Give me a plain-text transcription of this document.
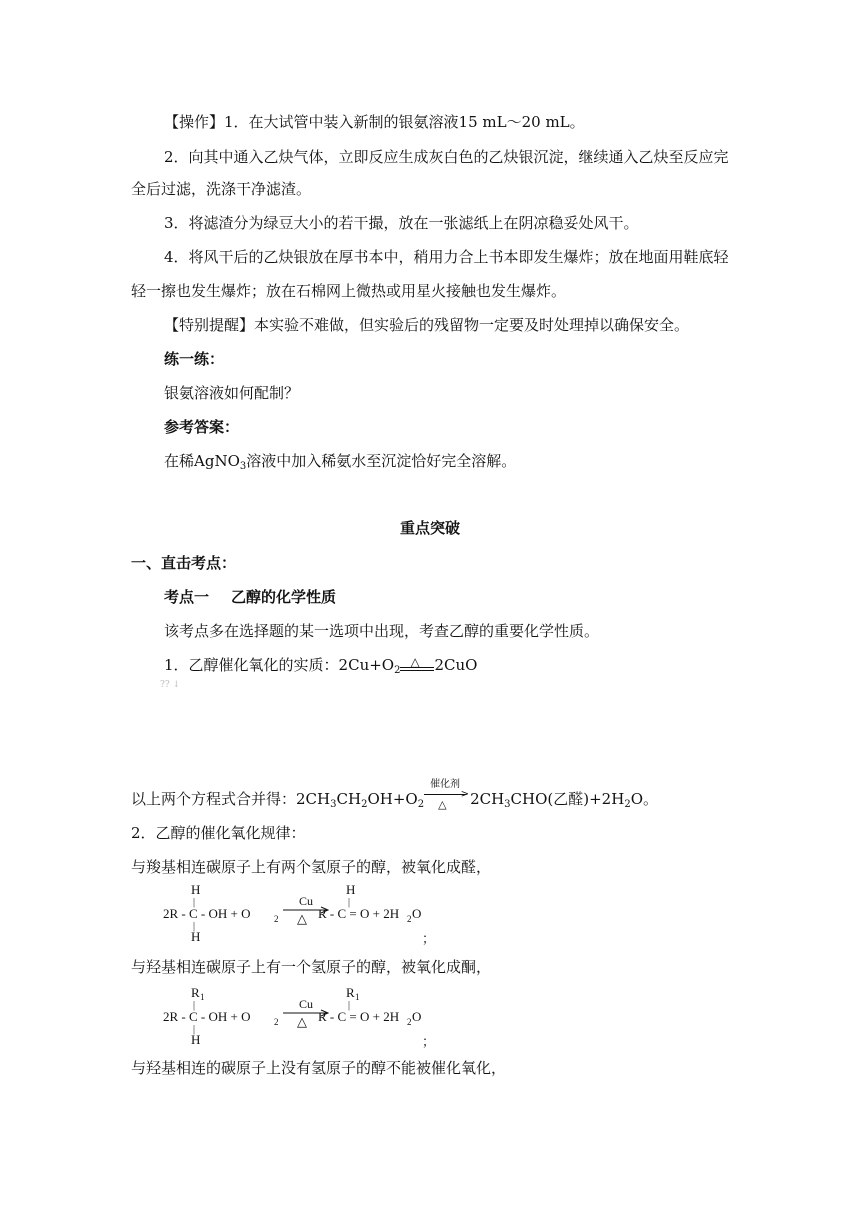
【操作】1．在大试管中装入新制的银氨溶液15 mL～20 mL。
2．向其中通入乙炔气体，立即反应生成灰白色的乙炔银沉淀，继续通入乙炔至反应完
全后过滤，洗涤干净滤渣。
3．将滤渣分为绿豆大小的若干撮，放在一张滤纸上在阴凉稳妥处风干。
4．将风干后的乙炔银放在厚书本中，稍用力合上书本即发生爆炸；放在地面用鞋底轻
轻一擦也发生爆炸；放在石棉网上微热或用星火接触也发生爆炸。
【特别提醒】本实验不难做，但实验后的残留物一定要及时处理掉以确保安全。
练一练：
银氨溶液如何配制？
参考答案：
在稀AgNO$_3$溶液中加入稀氨水至沉淀恰好完全溶解。
重点突破
一、直击考点：
考点一 乙醇的化学性质
该考点多在选择题的某一选项中出现，考查乙醇的重要化学性质。
1．乙醇催化氧化的实质：$2Cu+O_2$
△ 2CuO
?? ↓
以上两个方程式合并得：$2CH_3CH_2OH+O_2$
催化剂
>
△ $2CH_3CHO$(乙醛)$+2H_2O$。
2．乙醇的催化氧化规律：
与羧基相连碳原子上有两个氢原子的醇，被氧化成醛，
H
|
2R - C - OH + O	2
|
H
Cu
△
H
|
R - C = O + 2H 2 O
；
与羟基相连碳原子上有一个氢原子的醇，被氧化成酮，
R 1
|
2R - C - OH + O	2
|
H
Cu
△
R 1
|
R - C = O + 2H 2 O
；
与羟基相连的碳原子上没有氢原子的醇不能被催化氧化，
